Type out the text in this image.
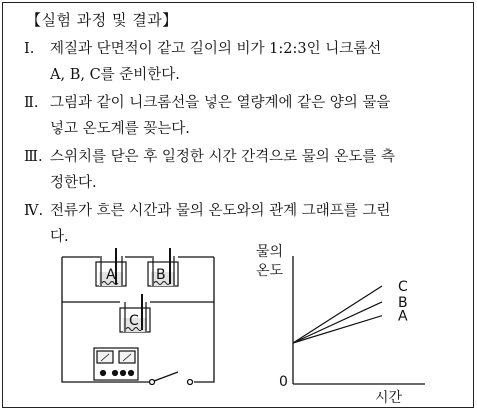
【실험 과정 및 결과】
Ⅰ.	제질과 단면적이 같고 길이의 비가 1:2:3인 니크롬선
A, B, C를 준비한다.
Ⅱ. 그림과 같이 니크롬선을 넣은 열량계에 같은 양의 물을
넣고 온도계를 꽂는다.
Ⅲ. 스위치를 닫은 후 일정한 시간 간격으로 물의 온도를 측
정한다.
Ⅳ. 전류가 흐른 시간과 물의 온도와의 관계 그래프를 그린
다.
A	B
C
C
B
A
물의
온도
0
시간
